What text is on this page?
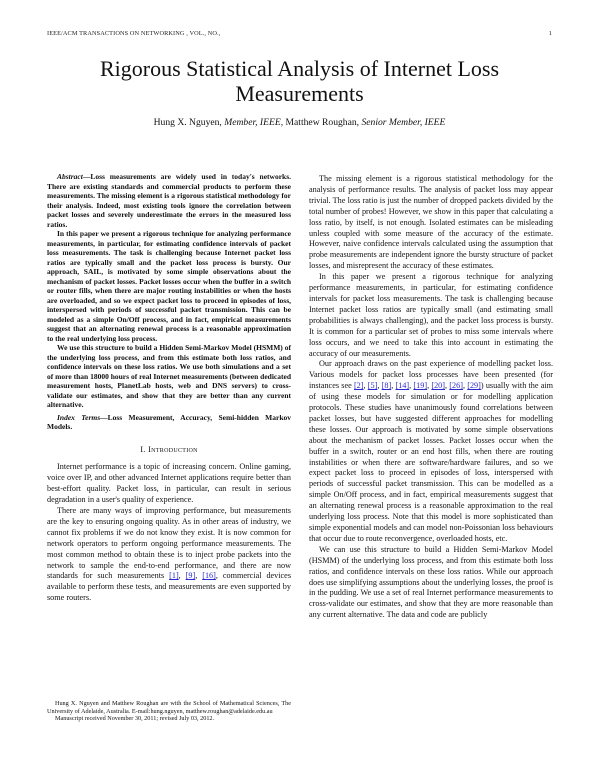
IEEE/ACM TRANSACTIONS ON NETWORKING , VOL., NO.,	1
Rigorous Statistical Analysis of Internet Loss Measurements
Hung X. Nguyen, Member, IEEE, Matthew Roughan, Senior Member, IEEE

Abstract—Loss measurements are widely used in today's networks. There are existing standards and commercial products to perform these measurements. The missing element is a rigorous statistical methodology for their analysis. Indeed, most existing tools ignore the correlation between packet losses and severely underestimate the errors in the measured loss ratios.

In this paper we present a rigorous technique for analyzing performance measurements, in particular, for estimating confidence intervals of packet loss measurements. The task is challenging because Internet packet loss ratios are typically small and the packet loss process is bursty. Our approach, SAIL, is motivated by some simple observations about the mechanism of packet losses. Packet losses occur when the buffer in a switch or router fills, when there are major routing instabilities or when the hosts are overloaded, and so we expect packet loss to proceed in episodes of loss, interspersed with periods of successful packet transmission. This can be modeled as a simple On/Off process, and in fact, empirical measurements suggest that an alternating renewal process is a reasonable approximation to the real underlying loss process.

We use this structure to build a Hidden Semi-Markov Model (HSMM) of the underlying loss process, and from this estimate both loss ratios, and confidence intervals on these loss ratios. We use both simulations and a set of more than 18000 hours of real Internet measurements (between dedicated measurement hosts, PlanetLab hosts, web and DNS servers) to cross-validate our estimates, and show that they are better than any current alternative.

Index Terms—Loss Measurement, Accuracy, Semi-hidden Markov Models.
I. Introduction

Internet performance is a topic of increasing concern. Online gaming, voice over IP, and other advanced Internet applications require better than best-effort quality. Packet loss, in particular, can result in serious degradation in a user's quality of experience.

There are many ways of improving performance, but measurements are the key to ensuring ongoing quality. As in other areas of industry, we cannot fix problems if we do not know they exist. It is now common for network operators to perform ongoing performance measurements. The most common method to obtain these is to inject probe packets into the network to sample the end-to-end performance, and there are now standards for such measurements [1], [9], [16], commercial devices available to perform these tests, and measurements are even supported by some routers.

Hung X. Nguyen and Matthew Roughan are with the School of Mathematical Sciences, The University of Adelaide, Australia. E-mail:hung.nguyen, matthew.roughan@adelaide.edu.au

Manuscript received November 30, 2011; revised July 03, 2012.

The missing element is a rigorous statistical methodology for the analysis of performance results. The analysis of packet loss may appear trivial. The loss ratio is just the number of dropped packets divided by the total number of probes! However, we show in this paper that calculating a loss ratio, by itself, is not enough. Isolated estimates can be misleading unless coupled with some measure of the accuracy of the estimate. However, naive confidence intervals calculated using the assumption that probe measurements are independent ignore the bursty structure of packet losses, and misrepresent the accuracy of these estimates.

In this paper we present a rigorous technique for analyzing performance measurements, in particular, for estimating confidence intervals for packet loss measurements. The task is challenging because Internet packet loss ratios are typically small (and estimating small probabilities is always challenging), and the packet loss process is bursty. It is common for a particular set of probes to miss some intervals where loss occurs, and we need to take this into account in estimating the accuracy of our measurements.

Our approach draws on the past experience of modelling packet loss. Various models for packet loss processes have been presented (for instances see [2], [5], [8], [14], [19], [20], [26], [29]) usually with the aim of using these models for simulation or for modelling application protocols. These studies have unanimously found correlations between packet losses, but have suggested different approaches for modelling these losses. Our approach is motivated by some simple observations about the mechanism of packet losses. Packet losses occur when the buffer in a switch, router or an end host fills, when there are routing instabilities or when there are software/hardware failures, and so we expect packet loss to proceed in episodes of loss, interspersed with periods of successful packet transmission. This can be modelled as a simple On/Off process, and in fact, empirical measurements suggest that an alternating renewal process is a reasonable approximation to the real underlying loss process. Note that this model is more sophisticated than simple exponential models and can model non-Poissonian loss behaviours that occur due to route reconvergence, overloaded hosts, etc.

We can use this structure to build a Hidden Semi-Markov Model (HSMM) of the underlying loss process, and from this estimate both loss ratios, and confidence intervals on these loss ratios. While our approach does use simplifying assumptions about the underlying losses, the proof is in the pudding. We use a set of real Internet performance measurements to cross-validate our estimates, and show that they are more reasonable than any current alternative. The data and code are publicly
